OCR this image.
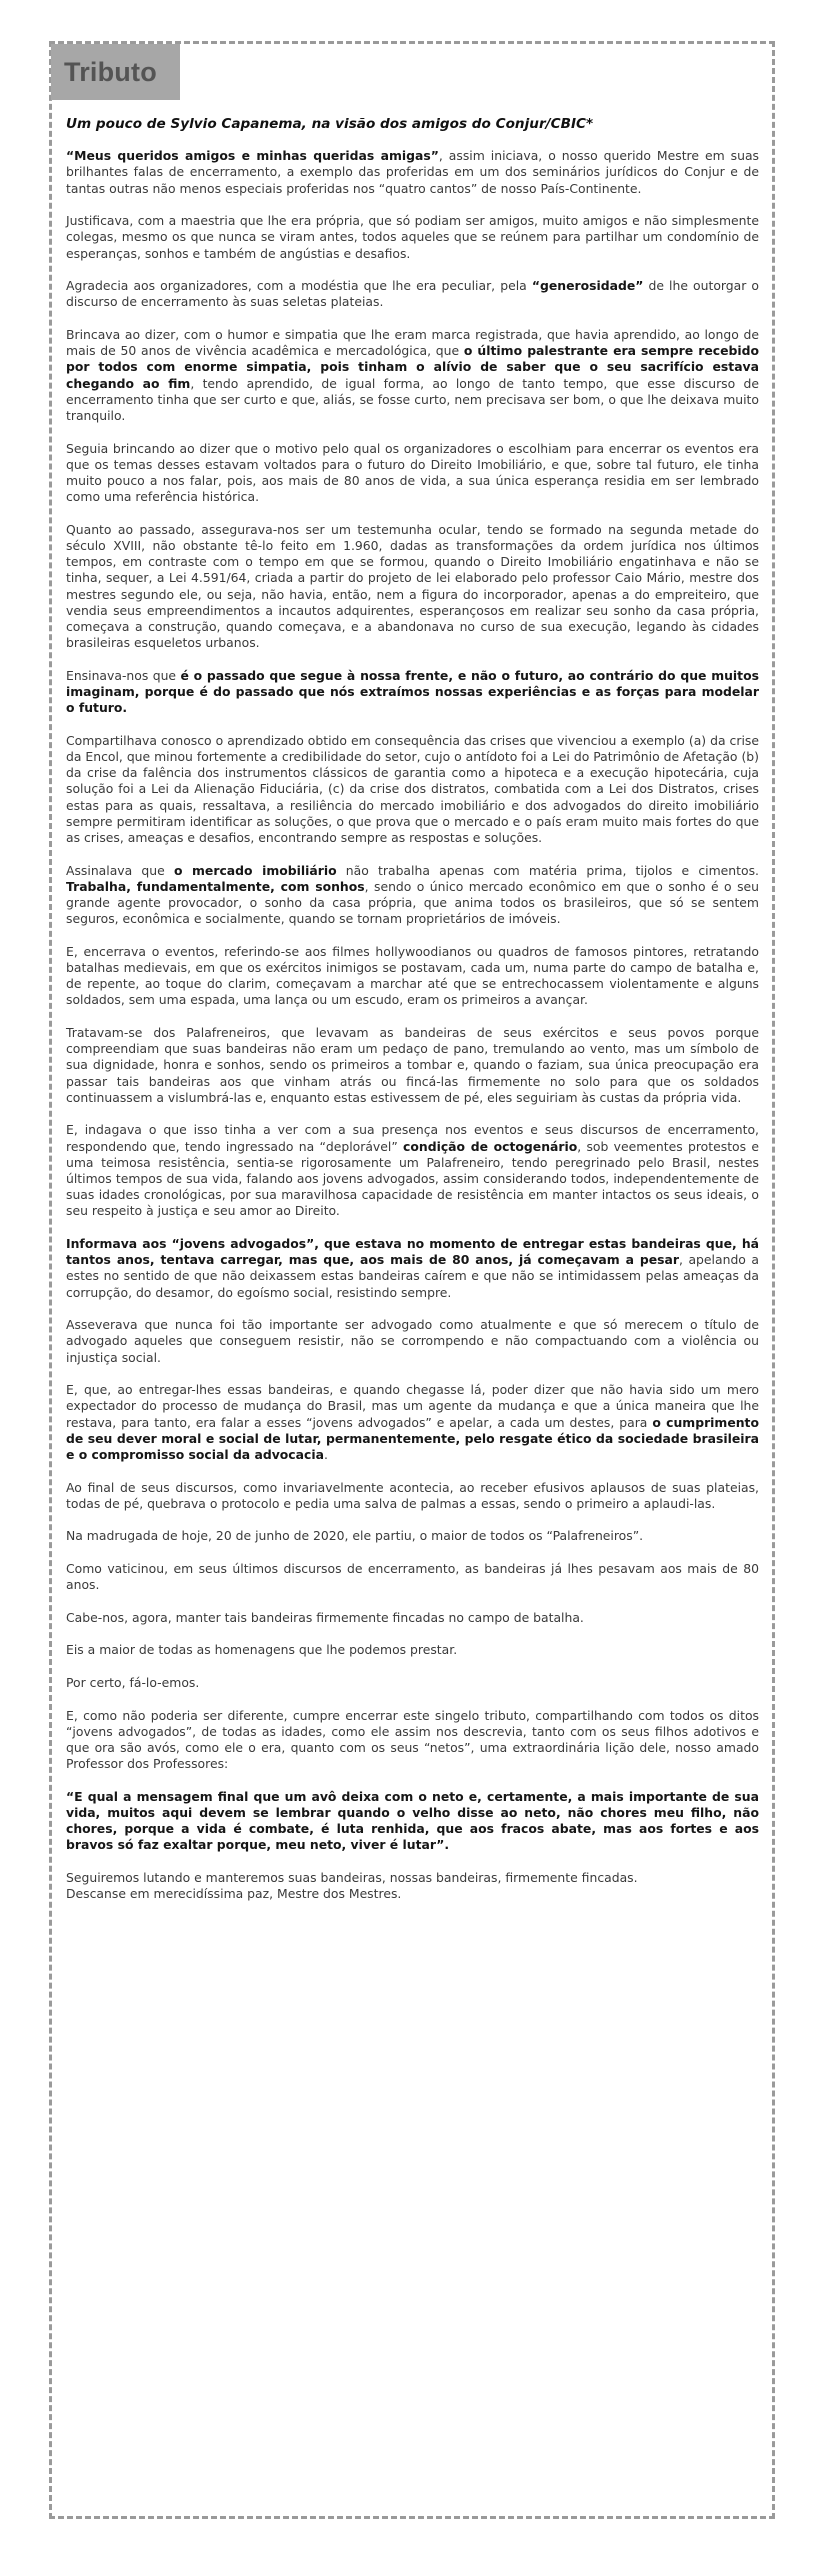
Tributo

Um pouco de Sylvio Capanema, na visão dos amigos do Conjur/CBIC*

“Meus queridos amigos e minhas queridas amigas”, assim iniciava, o nosso querido Mestre em suas brilhantes falas de encerramento, a exemplo das proferidas em um dos seminários jurídicos do Conjur e de tantas outras não menos especiais proferidas nos “quatro cantos” de nosso País-Continente.

Justificava, com a maestria que lhe era própria, que só podiam ser amigos, muito amigos e não simplesmente colegas, mesmo os que nunca se viram antes, todos aqueles que se reúnem para partilhar um condomínio de esperanças, sonhos e também de angústias e desafios.

Agradecia aos organizadores, com a modéstia que lhe era peculiar, pela “generosidade” de lhe outorgar o discurso de encerramento às suas seletas plateias.

Brincava ao dizer, com o humor e simpatia que lhe eram marca registrada, que havia aprendido, ao longo de mais de 50 anos de vivência acadêmica e mercadológica, que o último palestrante era sempre recebido por todos com enorme simpatia, pois tinham o alívio de saber que o seu sacrifício estava chegando ao fim, tendo aprendido, de igual forma, ao longo de tanto tempo, que esse discurso de encerramento tinha que ser curto e que, aliás, se fosse curto, nem precisava ser bom, o que lhe deixava muito tranquilo.

Seguia brincando ao dizer que o motivo pelo qual os organizadores o escolhiam para encerrar os eventos era que os temas desses estavam voltados para o futuro do Direito Imobiliário, e que, sobre tal futuro, ele tinha muito pouco a nos falar, pois, aos mais de 80 anos de vida, a sua única esperança residia em ser lembrado como uma referência histórica.

Quanto ao passado, assegurava-nos ser um testemunha ocular, tendo se formado na segunda metade do século XVIII, não obstante tê-lo feito em 1.960, dadas as transformações da ordem jurídica nos últimos tempos, em contraste com o tempo em que se formou, quando o Direito Imobiliário engatinhava e não se tinha, sequer, a Lei 4.591/64, criada a partir do projeto de lei elaborado pelo professor Caio Mário, mestre dos mestres segundo ele, ou seja, não havia, então, nem a figura do incorporador, apenas a do empreiteiro, que vendia seus empreendimentos a incautos adquirentes, esperançosos em realizar seu sonho da casa própria, começava a construção, quando começava, e a abandonava no curso de sua execução, legando às cidades brasileiras esqueletos urbanos.

Ensinava-nos que é o passado que segue à nossa frente, e não o futuro, ao contrário do que muitos imaginam, porque é do passado que nós extraímos nossas experiências e as forças para modelar o futuro.

Compartilhava conosco o aprendizado obtido em consequência das crises que vivenciou a exemplo (a) da crise da Encol, que minou fortemente a credibilidade do setor, cujo o antídoto foi a Lei do Patrimônio de Afetação (b) da crise da falência dos instrumentos clássicos de garantia como a hipoteca e a execução hipotecária, cuja solução foi a Lei da Alienação Fiduciária, (c) da crise dos distratos, combatida com a Lei dos Distratos, crises estas para as quais, ressaltava, a resiliência do mercado imobiliário e dos advogados do direito imobiliário sempre permitiram identificar as soluções, o que prova que o mercado e o país eram muito mais fortes do que as crises, ameaças e desafios, encontrando sempre as respostas e soluções.

Assinalava que o mercado imobiliário não trabalha apenas com matéria prima, tijolos e cimentos. Trabalha, fundamentalmente, com sonhos, sendo o único mercado econômico em que o sonho é o seu grande agente provocador, o sonho da casa própria, que anima todos os brasileiros, que só se sentem seguros, econômica e socialmente, quando se tornam proprietários de imóveis.

E, encerrava o eventos, referindo-se aos filmes hollywoodianos ou quadros de famosos pintores, retratando batalhas medievais, em que os exércitos inimigos se postavam, cada um, numa parte do campo de batalha e, de repente, ao toque do clarim, começavam a marchar até que se entrechocassem violentamente e alguns soldados, sem uma espada, uma lança ou um escudo, eram os primeiros a avançar.

Tratavam-se dos Palafreneiros, que levavam as bandeiras de seus exércitos e seus povos porque compreendiam que suas bandeiras não eram um pedaço de pano, tremulando ao vento, mas um símbolo de sua dignidade, honra e sonhos, sendo os primeiros a tombar e, quando o faziam, sua única preocupação era passar tais bandeiras aos que vinham atrás ou fincá-las firmemente no solo para que os soldados continuassem a vislumbrá-las e, enquanto estas estivessem de pé, eles seguiriam às custas da própria vida.

E, indagava o que isso tinha a ver com a sua presença nos eventos e seus discursos de encerramento, respondendo que, tendo ingressado na “deplorável” condição de octogenário, sob veementes protestos e uma teimosa resistência, sentia-se rigorosamente um Palafreneiro, tendo peregrinado pelo Brasil, nestes últimos tempos de sua vida, falando aos jovens advogados, assim considerando todos, independentemente de suas idades cronológicas, por sua maravilhosa capacidade de resistência em manter intactos os seus ideais, o seu respeito à justiça e seu amor ao Direito.

Informava aos “jovens advogados”, que estava no momento de entregar estas bandeiras que, há tantos anos, tentava carregar, mas que, aos mais de 80 anos, já começavam a pesar, apelando a estes no sentido de que não deixassem estas bandeiras caírem e que não se intimidassem pelas ameaças da corrupção, do desamor, do egoísmo social, resistindo sempre.

Asseverava que nunca foi tão importante ser advogado como atualmente e que só merecem o título de advogado aqueles que conseguem resistir, não se corrompendo e não compactuando com a violência ou injustiça social.

E, que, ao entregar-lhes essas bandeiras, e quando chegasse lá, poder dizer que não havia sido um mero expectador do processo de mudança do Brasil, mas um agente da mudança e que a única maneira que lhe restava, para tanto, era falar a esses “jovens advogados” e apelar, a cada um destes, para o cumprimento de seu dever moral e social de lutar, permanentemente, pelo resgate ético da sociedade brasileira e o compromisso social da advocacia.

Ao final de seus discursos, como invariavelmente acontecia, ao receber efusivos aplausos de suas plateias, todas de pé, quebrava o protocolo e pedia uma salva de palmas a essas, sendo o primeiro a aplaudi-las.

Na madrugada de hoje, 20 de junho de 2020, ele partiu, o maior de todos os “Palafreneiros”.

Como vaticinou, em seus últimos discursos de encerramento, as bandeiras já lhes pesavam aos mais de 80 anos.

Cabe-nos, agora, manter tais bandeiras firmemente fincadas no campo de batalha.

Eis a maior de todas as homenagens que lhe podemos prestar.

Por certo, fá-lo-emos.

E, como não poderia ser diferente, cumpre encerrar este singelo tributo, compartilhando com todos os ditos “jovens advogados”, de todas as idades, como ele assim nos descrevia, tanto com os seus filhos adotivos e que ora são avós, como ele o era, quanto com os seus “netos”, uma extraordinária lição dele, nosso amado Professor dos Professores:

“E qual a mensagem final que um avô deixa com o neto e, certamente, a mais importante de sua vida, muitos aqui devem se lembrar quando o velho disse ao neto, não chores meu filho, não chores, porque a vida é combate, é luta renhida, que aos fracos abate, mas aos fortes e aos bravos só faz exaltar porque, meu neto, viver é lutar”.

Seguiremos lutando e manteremos suas bandeiras, nossas bandeiras, firmemente fincadas.
Descanse em merecidíssima paz, Mestre dos Mestres.
